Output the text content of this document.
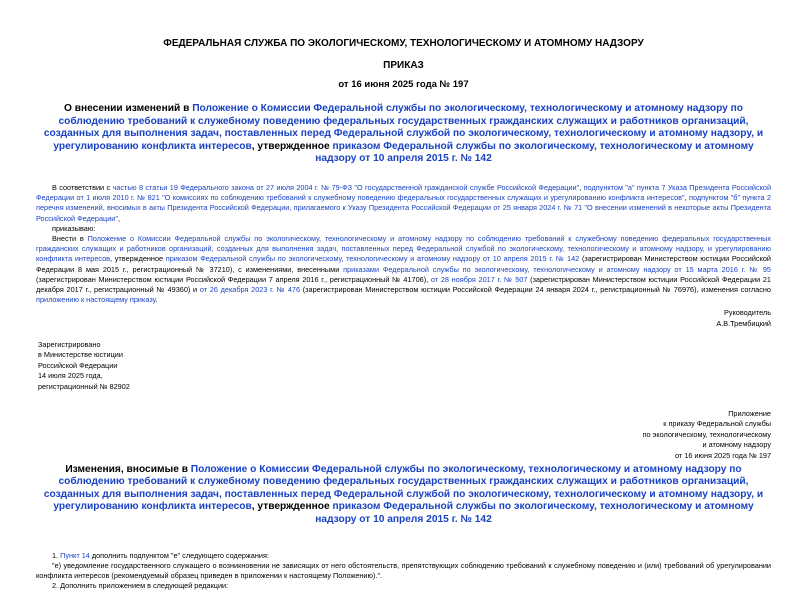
ФЕДЕРАЛЬНАЯ СЛУЖБА ПО ЭКОЛОГИЧЕСКОМУ, ТЕХНОЛОГИЧЕСКОМУ И АТОМНОМУ НАДЗОРУ
ПРИКАЗ
от 16 июня 2025 года № 197
О внесении изменений в Положение о Комиссии Федеральной службы по экологическому, технологическому и атомному надзору по соблюдению требований к служебному поведению федеральных государственных гражданских служащих и работников организаций, созданных для выполнения задач, поставленных перед Федеральной службой по экологическому, технологическому и атомному надзору, и урегулированию конфликта интересов, утвержденное приказом Федеральной службы по экологическому, технологическому и атомному надзору от 10 апреля 2015 г. № 142

В соответствии с частью 8 статьи 19 Федерального закона от 27 июля 2004 г. № 79-ФЗ "О государственной гражданской службе Российской Федерации", подпунктом "а" пункта 7 Указа Президента Российской Федерации от 1 июля 2010 г. № 821 "О комиссиях по соблюдению требований к служебному поведению федеральных государственных служащих и урегулированию конфликта интересов", подпунктом "б" пункта 2 перечня изменений, вносимых в акты Президента Российской Федерации, прилагаемого к Указу Президента Российской Федерации от 25 января 2024 г. № 71 "О внесении изменений в некоторые акты Президента Российской Федерации",

приказываю:

Внести в Положение о Комиссии Федеральной службы по экологическому, технологическому и атомному надзору по соблюдению требований к служебному поведению федеральных государственных гражданских служащих и работников организаций, созданных для выполнения задач, поставленных перед Федеральной службой по экологическому, технологическому и атомному надзору, и урегулированию конфликта интересов, утвержденное приказом Федеральной службы по экологическому, технологическому и атомному надзору от 10 апреля 2015 г. № 142 (зарегистрирован Министерством юстиции Российской Федерации 8 мая 2015 г., регистрационный № 37210), с изменениями, внесенными приказами Федеральной службы по экологическому, технологическому и атомному надзору от 15 марта 2016 г. № 95 (зарегистрирован Министерством юстиции Российской Федерации 7 апреля 2016 г., регистрационный № 41706), от 28 ноября 2017 г. № 507 (зарегистрирован Министерством юстиции Российской Федерации 21 декабря 2017 г., регистрационный № 49360) и от 26 декабря 2023 г. № 476 (зарегистрирован Министерством юстиции Российской Федерации 24 января 2024 г., регистрационный № 76976), изменения согласно приложению к настоящему приказу.

Руководитель
А.В.Трембицкий
Зарегистрировано
в Министерстве юстиции
Российской Федерации
14 июля 2025 года,
регистрационный № 82902
Приложение
к приказу Федеральной службы
по экологическому, технологическому
и атомному надзору
от 16 июня 2025 года № 197
Изменения, вносимые в Положение о Комиссии Федеральной службы по экологическому, технологическому и атомному надзору по соблюдению требований к служебному поведению федеральных государственных гражданских служащих и работников организаций, созданных для выполнения задач, поставленных перед Федеральной службой по экологическому, технологическому и атомному надзору, и урегулированию конфликта интересов, утвержденное приказом Федеральной службы по экологическому, технологическому и атомному надзору от 10 апреля 2015 г. № 142

1. Пункт 14 дополнить подпунктом "е" следующего содержания:

"е) уведомление государственного служащего о возникновении не зависящих от него обстоятельств, препятствующих соблюдению требований к служебному поведению и (или) требований об урегулировании конфликта интересов (рекомендуемый образец приведен в приложении к настоящему Положению).".

2. Дополнить приложением в следующей редакции:
